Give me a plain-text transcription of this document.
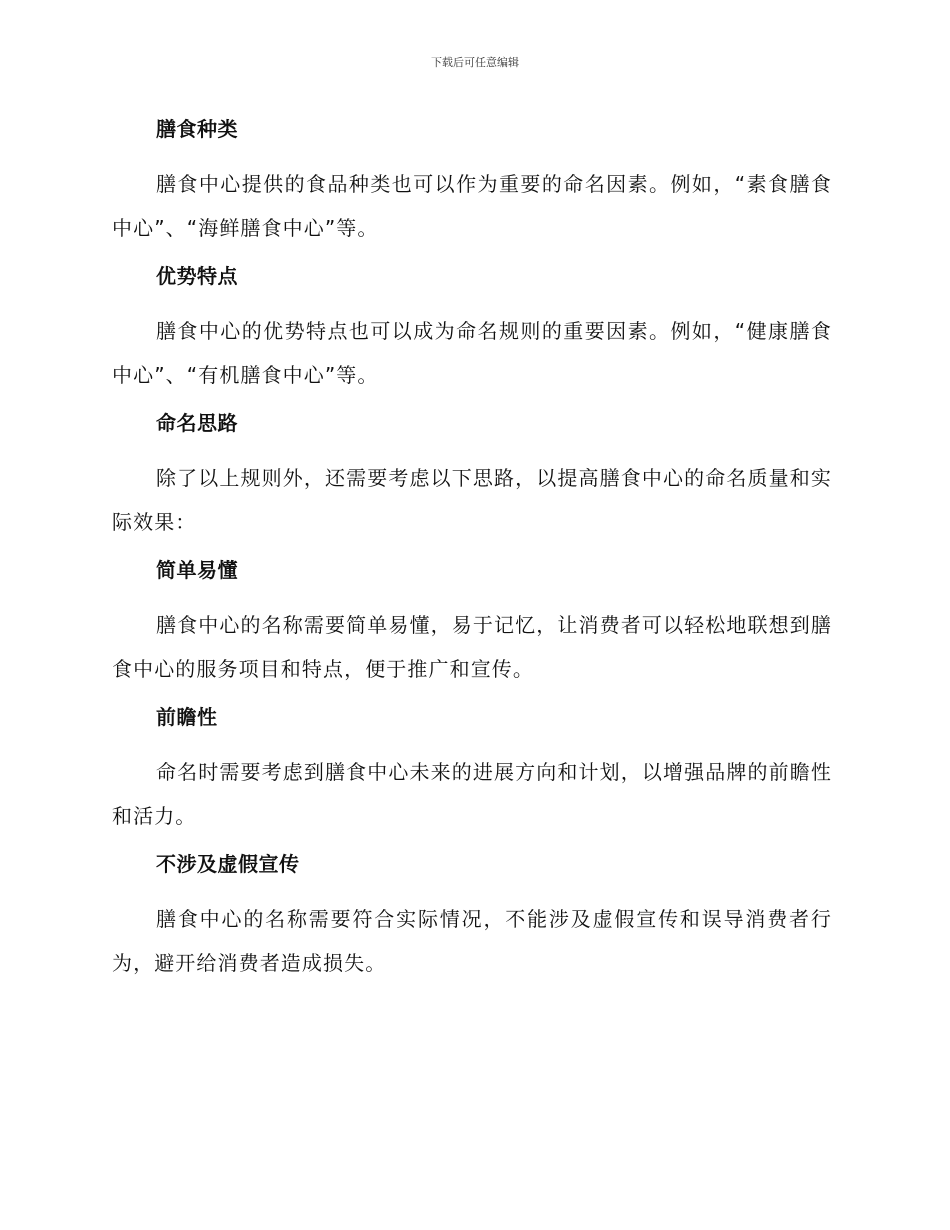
下载后可任意编辑

膳食种类

膳食中心提供的食品种类也可以作为重要的命名因素。例如，“素食膳食中心”、“海鲜膳食中心”等。

优势特点

膳食中心的优势特点也可以成为命名规则的重要因素。例如，“健康膳食中心”、“有机膳食中心”等。

命名思路

除了以上规则外，还需要考虑以下思路，以提高膳食中心的命名质量和实际效果：

简单易懂

膳食中心的名称需要简单易懂，易于记忆，让消费者可以轻松地联想到膳食中心的服务项目和特点，便于推广和宣传。

前瞻性

命名时需要考虑到膳食中心未来的进展方向和计划，以增强品牌的前瞻性和活力。

不涉及虚假宣传

膳食中心的名称需要符合实际情况，不能涉及虚假宣传和误导消费者行为，避开给消费者造成损失。
